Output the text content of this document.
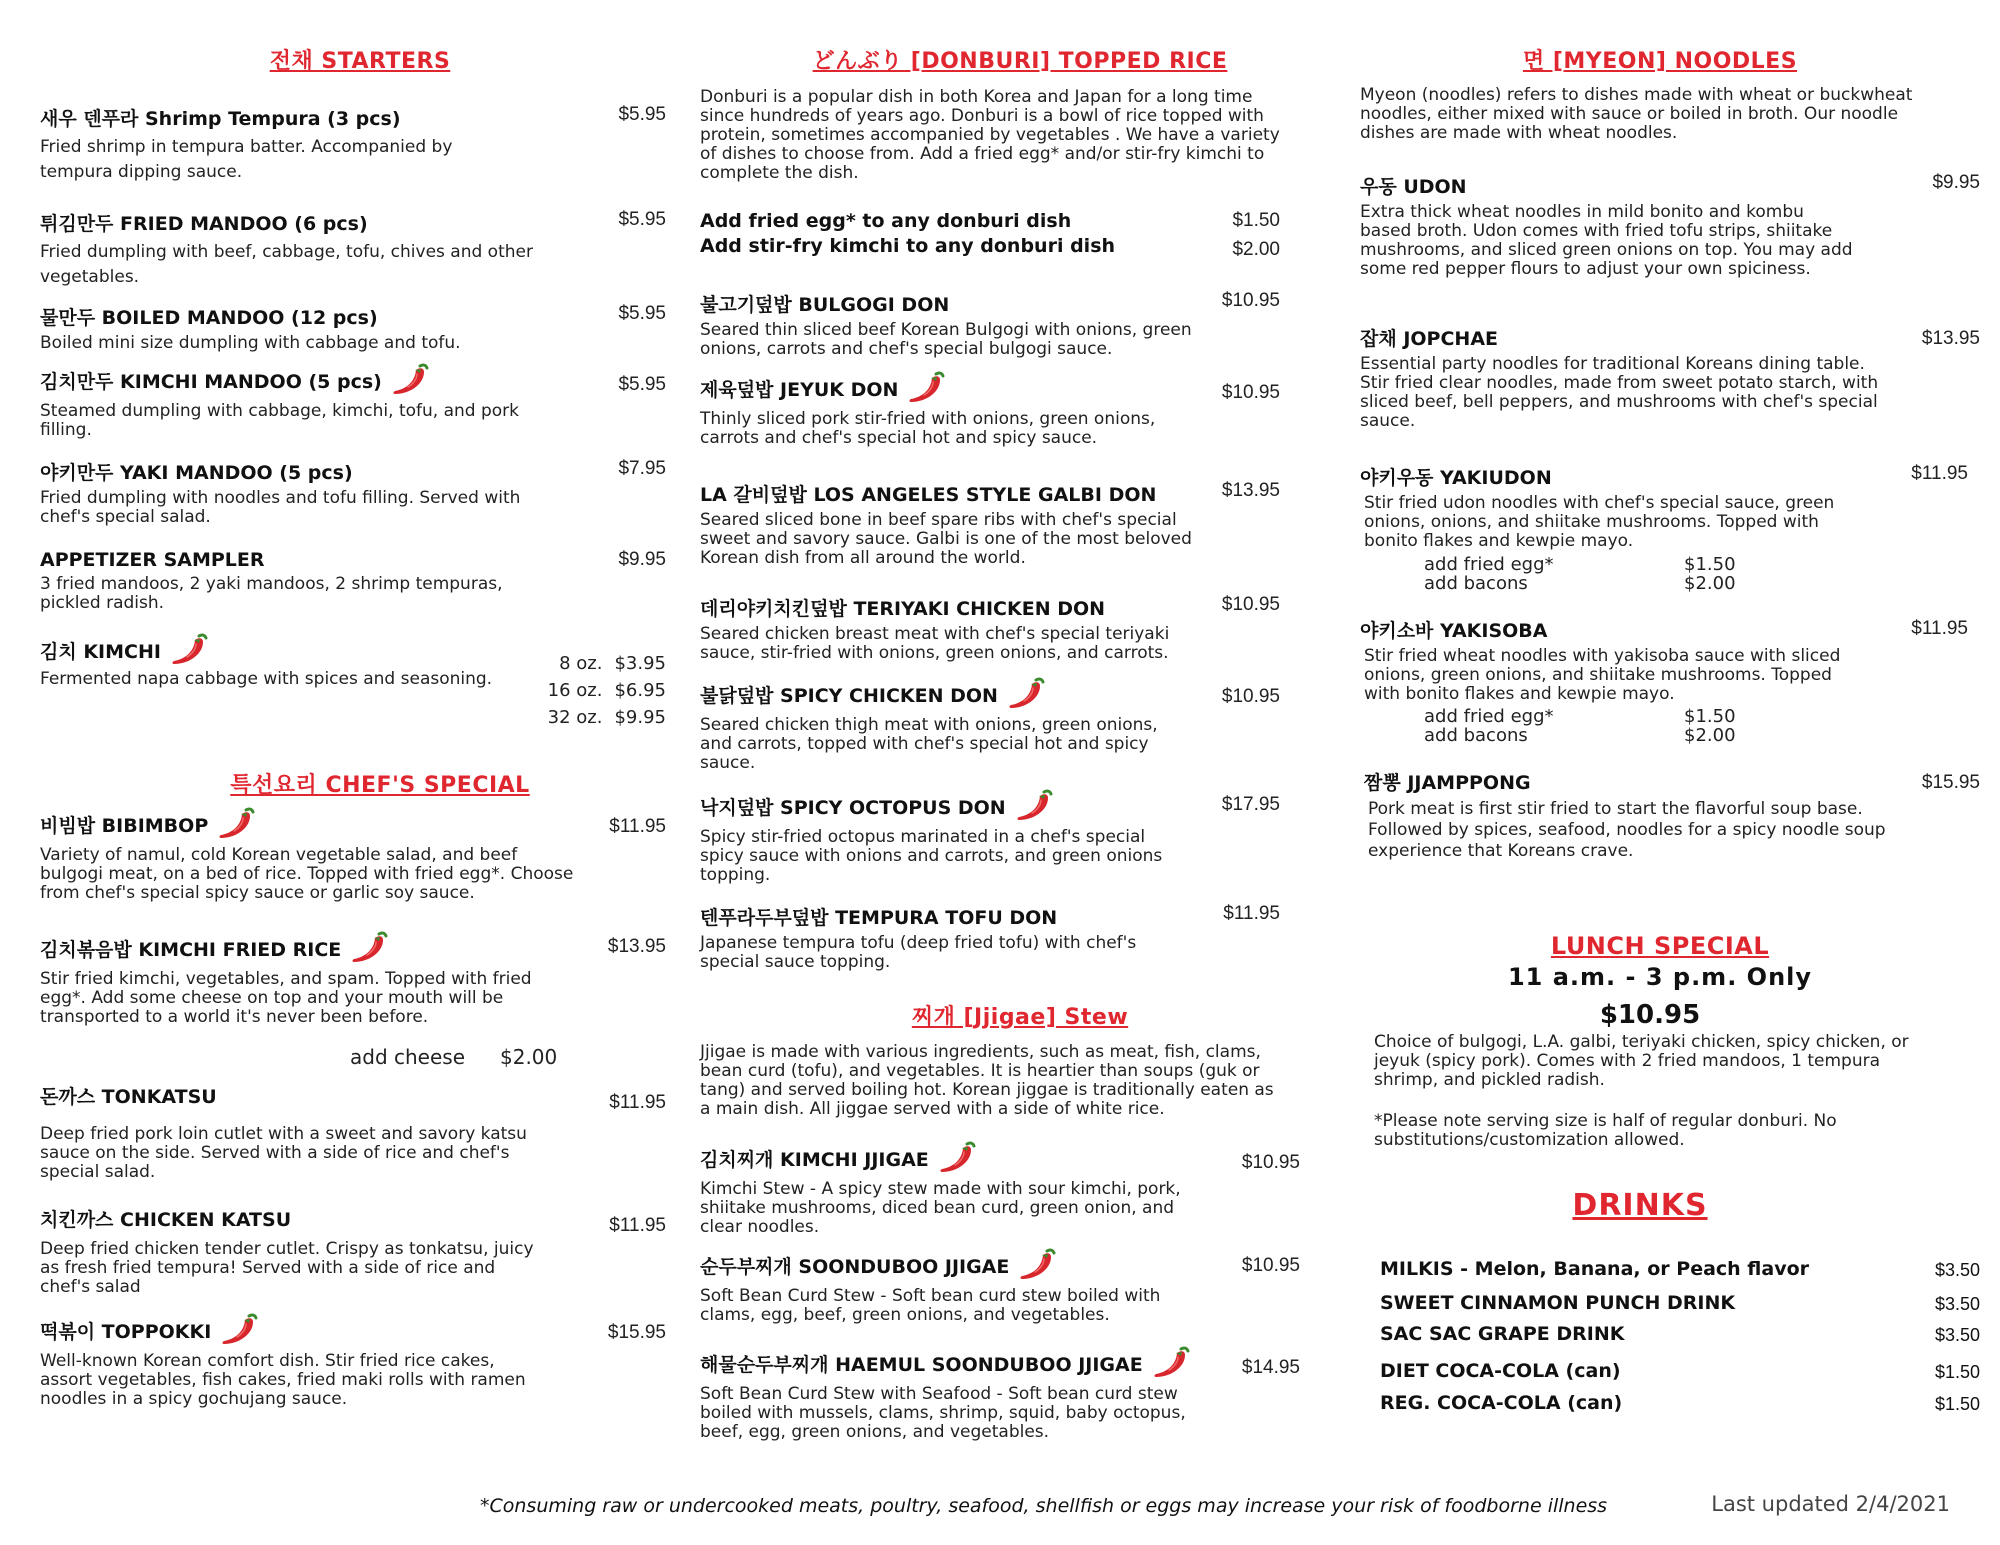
전채 STARTERS
새우 덴푸라 Shrimp Tempura (3 pcs)	$5.95
Fried shrimp in tempura batter. Accompanied by tempura dipping sauce.
튀김만두 FRIED MANDOO (6 pcs)	$5.95
Fried dumpling with beef, cabbage, tofu, chives and other vegetables.
물만두 BOILED MANDOO (12 pcs)	$5.95
Boiled mini size dumpling with cabbage and tofu.
김치만두 KIMCHI MANDOO (5 pcs)	$5.95
Steamed dumpling with cabbage, kimchi, tofu, and pork filling.
야키만두 YAKI MANDOO (5 pcs)	$7.95
Fried dumpling with noodles and tofu filling. Served with chef's special salad.
APPETIZER SAMPLER	$9.95
3 fried mandoos, 2 yaki mandoos, 2 shrimp tempuras, pickled radish.
김치 KIMCHI
Fermented napa cabbage with spices and seasoning.
8 oz. $3.95
16 oz. $6.95
32 oz. $9.95
특선요리 CHEF'S SPECIAL
비빔밥 BIBIMBOP	$11.95
Variety of namul, cold Korean vegetable salad, and beef bulgogi meat, on a bed of rice. Topped with fried egg*. Choose from chef's special spicy sauce or garlic soy sauce.
김치볶음밥 KIMCHI FRIED RICE	$13.95
Stir fried kimchi, vegetables, and spam. Topped with fried egg*. Add some cheese on top and your mouth will be transported to a world it's never been before.
add cheese	$2.00
돈까스 TONKATSU	$11.95
Deep fried pork loin cutlet with a sweet and savory katsu sauce on the side. Served with a side of rice and chef's special salad.
치킨까스 CHICKEN KATSU	$11.95
Deep fried chicken tender cutlet. Crispy as tonkatsu, juicy as fresh fried tempura! Served with a side of rice and chef's salad
떡볶이 TOPPOKKI	$15.95
Well-known Korean comfort dish. Stir fried rice cakes, assort vegetables, fish cakes, fried maki rolls with ramen noodles in a spicy gochujang sauce.
どんぶり [DONBURI] TOPPED RICE
Donburi is a popular dish in both Korea and Japan for a long time since hundreds of years ago. Donburi is a bowl of rice topped with protein, sometimes accompanied by vegetables . We have a variety of dishes to choose from. Add a fried egg* and/or stir-fry kimchi to complete the dish.
Add fried egg* to any donburi dish	$1.50
Add stir-fry kimchi to any donburi dish	$2.00
불고기덮밥 BULGOGI DON	$10.95
Seared thin sliced beef Korean Bulgogi with onions, green onions, carrots and chef's special bulgogi sauce.
제육덮밥 JEYUK DON	$10.95
Thinly sliced pork stir-fried with onions, green onions, carrots and chef's special hot and spicy sauce.
LA 갈비덮밥 LOS ANGELES STYLE GALBI DON	$13.95
Seared sliced bone in beef spare ribs with chef's special sweet and savory sauce. Galbi is one of the most beloved Korean dish from all around the world.
데리야키치킨덮밥 TERIYAKI CHICKEN DON	$10.95
Seared chicken breast meat with chef's special teriyaki sauce, stir-fried with onions, green onions, and carrots.
불닭덮밥 SPICY CHICKEN DON	$10.95
Seared chicken thigh meat with onions, green onions, and carrots, topped with chef's special hot and spicy sauce.
낙지덮밥 SPICY OCTOPUS DON	$17.95
Spicy stir-fried octopus marinated in a chef's special spicy sauce with onions and carrots, and green onions topping.
텐푸라두부덮밥 TEMPURA TOFU DON	$11.95
Japanese tempura tofu (deep fried tofu) with chef's special sauce topping.
찌개 [Jjigae] Stew
Jjigae is made with various ingredients, such as meat, fish, clams, bean curd (tofu), and vegetables. It is heartier than soups (guk or tang) and served boiling hot. Korean jiggae is traditionally eaten as a main dish. All jiggae served with a side of white rice.
김치찌개 KIMCHI JJIGAE	$10.95
Kimchi Stew - A spicy stew made with sour kimchi, pork, shiitake mushrooms, diced bean curd, green onion, and clear noodles.
순두부찌개 SOONDUBOO JJIGAE	$10.95
Soft Bean Curd Stew - Soft bean curd stew boiled with clams, egg, beef, green onions, and vegetables.
해물순두부찌개 HAEMUL SOONDUBOO JJIGAE	$14.95
Soft Bean Curd Stew with Seafood - Soft bean curd stew boiled with mussels, clams, shrimp, squid, baby octopus, beef, egg, green onions, and vegetables.
면 [MYEON] NOODLES
Myeon (noodles) refers to dishes made with wheat or buckwheat noodles, either mixed with sauce or boiled in broth. Our noodle dishes are made with wheat noodles.
우동 UDON	$9.95
Extra thick wheat noodles in mild bonito and kombu based broth. Udon comes with fried tofu strips, shiitake mushrooms, and sliced green onions on top. You may add some red pepper flours to adjust your own spiciness.
잡채 JOPCHAE	$13.95
Essential party noodles for traditional Koreans dining table. Stir fried clear noodles, made from sweet potato starch, with sliced beef, bell peppers, and mushrooms with chef's special sauce.
야키우동 YAKIUDON	$11.95
Stir fried udon noodles with chef's special sauce, green onions, onions, and shiitake mushrooms. Topped with bonito flakes and kewpie mayo.
add fried egg*	$1.50
add bacons	$2.00
야키소바 YAKISOBA	$11.95
Stir fried wheat noodles with yakisoba sauce with sliced onions, green onions, and shiitake mushrooms. Topped with bonito flakes and kewpie mayo.
add fried egg*	$1.50
add bacons	$2.00
짬뽕 JJAMPPONG	$15.95
Pork meat is first stir fried to start the flavorful soup base. Followed by spices, seafood, noodles for a spicy noodle soup experience that Koreans crave.
LUNCH SPECIAL
11 a.m. - 3 p.m. Only
$10.95
Choice of bulgogi, L.A. galbi, teriyaki chicken, spicy chicken, or jeyuk (spicy pork). Comes with 2 fried mandoos, 1 tempura shrimp, and pickled radish.
*Please note serving size is half of regular donburi. No substitutions/customization allowed.
DRINKS
MILKIS - Melon, Banana, or Peach flavor	$3.50
SWEET CINNAMON PUNCH DRINK	$3.50
SAC SAC GRAPE DRINK	$3.50
DIET COCA-COLA (can)	$1.50
REG. COCA-COLA (can)	$1.50
*Consuming raw or undercooked meats, poultry, seafood, shellfish or eggs may increase your risk of foodborne illness	Last updated 2/4/2021
